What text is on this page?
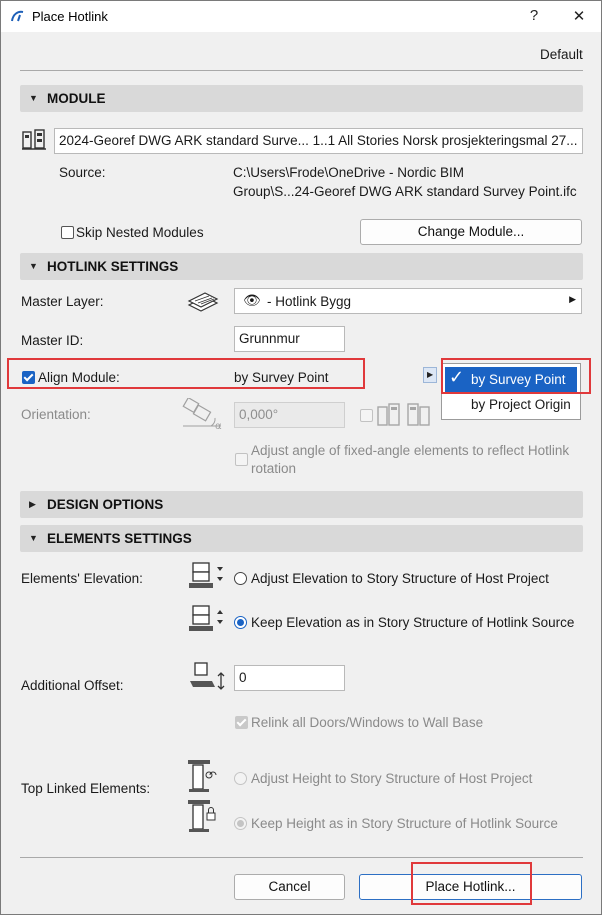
Place Hotlink	?	✕
Default
▼ MODULE
2024-Georef DWG ARK standard Surve... 1..1 All Stories Norsk prosjekteringsmal 27...
Source:	C:\Users\Frode\OneDrive - Nordic BIM
Group\S...24-Georef DWG ARK standard Survey Point.ifc
Skip Nested Modules	Change Module...
▼ HOTLINK SETTINGS
Master Layer:	👁 - Hotlink Bygg	▶
Master ID:	Grunnmur
Align Module:	by Survey Point	▶ ✓ by Survey Point
by Project Origin
Orientation:
α
0,000°
Adjust angle of fixed-angle elements to reflect Hotlink rotation
▶ DESIGN OPTIONS
▼ ELEMENTS SETTINGS
Elements' Elevation:	Adjust Elevation to Story Structure of Host Project
Keep Elevation as in Story Structure of Hotlink Source
Additional Offset:
0
Relink all Doors/Windows to Wall Base
Top Linked Elements:
Adjust Height to Story Structure of Host Project
Keep Height as in Story Structure of Hotlink Source
Cancel	Place Hotlink...
